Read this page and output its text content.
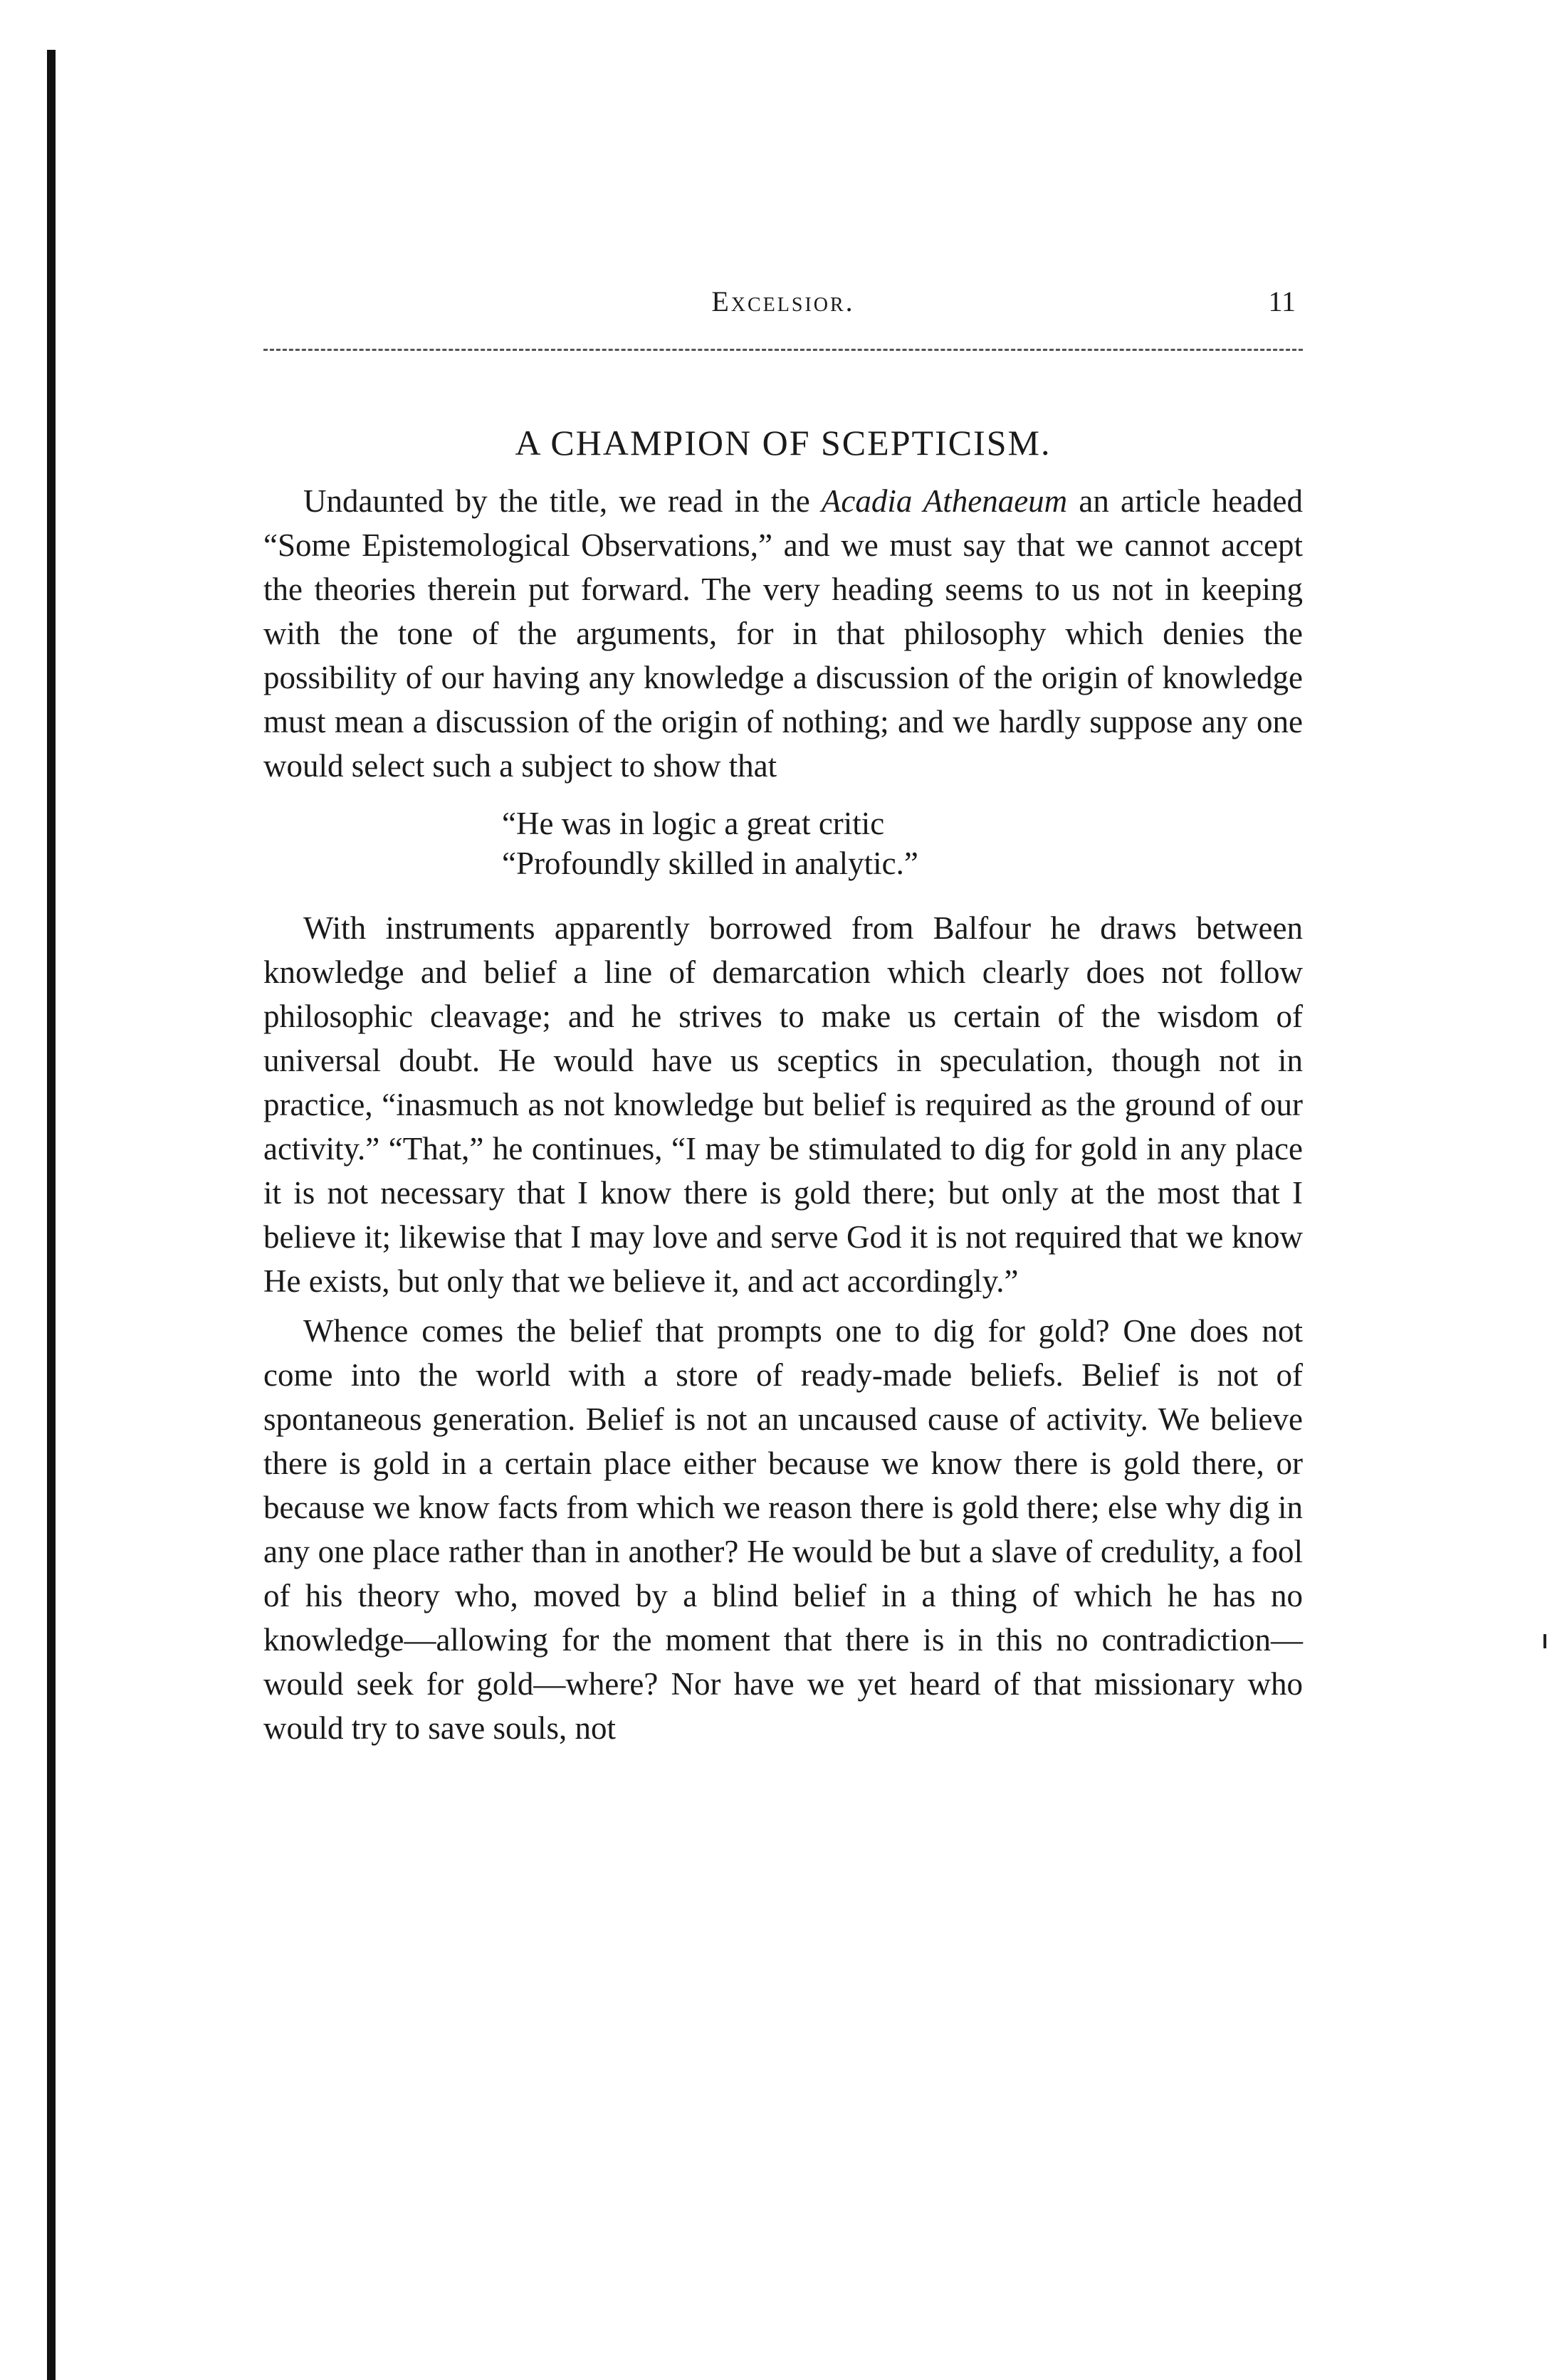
Excelsior.	11
A CHAMPION OF SCEPTICISM.

Undaunted by the title, we read in the Acadia Athenaeum an article headed “Some Epistemological Observations,” and we must say that we cannot accept the theories therein put forward. The very heading seems to us not in keeping with the tone of the arguments, for in that philosophy which denies the possibility of our having any knowledge a discussion of the origin of knowledge must mean a discussion of the origin of nothing; and we hardly suppose any one would select such a subject to show that

“He was in logic a great critic
“Profoundly skilled in analytic.”

With instruments apparently borrowed from Balfour he draws between knowledge and belief a line of demarcation which clearly does not follow philosophic cleavage; and he strives to make us certain of the wisdom of universal doubt. He would have us sceptics in speculation, though not in practice, “inasmuch as not knowledge but belief is required as the ground of our activity.” “That,” he continues, “I may be stimulated to dig for gold in any place it is not necessary that I know there is gold there; but only at the most that I believe it; likewise that I may love and serve God it is not required that we know He exists, but only that we believe it, and act accordingly.”

Whence comes the belief that prompts one to dig for gold? One does not come into the world with a store of ready-made beliefs. Belief is not of spontaneous generation. Belief is not an uncaused cause of activity. We believe there is gold in a certain place either because we know there is gold there, or because we know facts from which we reason there is gold there; else why dig in any one place rather than in another? He would be but a slave of credulity, a fool of his theory who, moved by a blind belief in a thing of which he has no knowledge—allowing for the moment that there is in this no contradiction—would seek for gold—where? Nor have we yet heard of that missionary who would try to save souls, not
